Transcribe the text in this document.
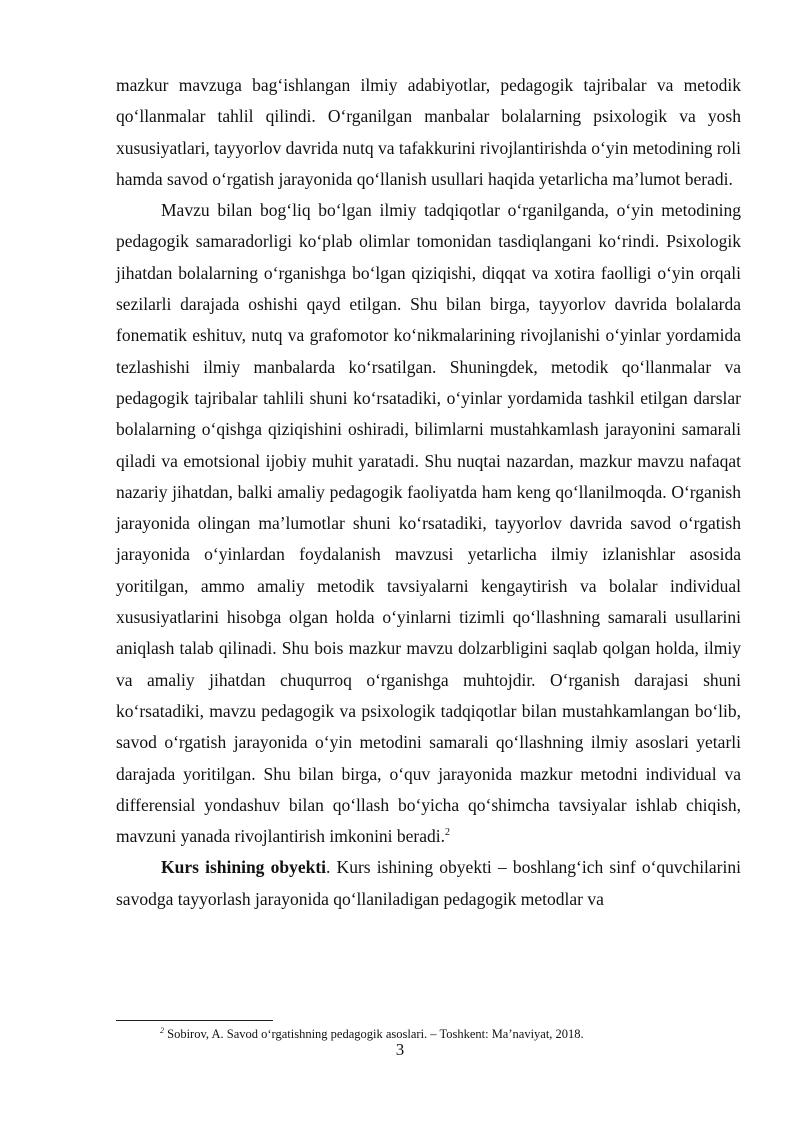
mazkur mavzuga bag‘ishlangan ilmiy adabiyotlar, pedagogik tajribalar va metodik qo‘llanmalar tahlil qilindi. O‘rganilgan manbalar bolalarning psixologik va yosh xususiyatlari, tayyorlov davrida nutq va tafakkurini rivojlantirishda o‘yin metodining roli hamda savod o‘rgatish jarayonida qo‘llanish usullari haqida yetarlicha ma’lumot beradi.

Mavzu bilan bog‘liq bo‘lgan ilmiy tadqiqotlar o‘rganilganda, o‘yin metodining pedagogik samaradorligi ko‘plab olimlar tomonidan tasdiqlangani ko‘rindi. Psixologik jihatdan bolalarning o‘rganishga bo‘lgan qiziqishi, diqqat va xotira faolligi o‘yin orqali sezilarli darajada oshishi qayd etilgan. Shu bilan birga, tayyorlov davrida bolalarda fonematik eshituv, nutq va grafomotor ko‘nikmalarining rivojlanishi o‘yinlar yordamida tezlashishi ilmiy manbalarda ko‘rsatilgan. Shuningdek, metodik qo‘llanmalar va pedagogik tajribalar tahlili shuni ko‘rsatadiki, o‘yinlar yordamida tashkil etilgan darslar bolalarning o‘qishga qiziqishini oshiradi, bilimlarni mustahkamlash jarayonini samarali qiladi va emotsional ijobiy muhit yaratadi. Shu nuqtai nazardan, mazkur mavzu nafaqat nazariy jihatdan, balki amaliy pedagogik faoliyatda ham keng qo‘llanilmoqda. O‘rganish jarayonida olingan ma’lumotlar shuni ko‘rsatadiki, tayyorlov davrida savod o‘rgatish jarayonida o‘yinlardan foydalanish mavzusi yetarlicha ilmiy izlanishlar asosida yoritilgan, ammo amaliy metodik tavsiyalarni kengaytirish va bolalar individual xususiyatlarini hisobga olgan holda o‘yinlarni tizimli qo‘llashning samarali usullarini aniqlash talab qilinadi. Shu bois mazkur mavzu dolzarbligini saqlab qolgan holda, ilmiy va amaliy jihatdan chuqurroq o‘rganishga muhtojdir. O‘rganish darajasi shuni ko‘rsatadiki, mavzu pedagogik va psixologik tadqiqotlar bilan mustahkamlangan bo‘lib, savod o‘rgatish jarayonida o‘yin metodini samarali qo‘llashning ilmiy asoslari yetarli darajada yoritilgan. Shu bilan birga, o‘quv jarayonida mazkur metodni individual va differensial yondashuv bilan qo‘llash bo‘yicha qo‘shimcha tavsiyalar ishlab chiqish, mavzuni yanada rivojlantirish imkonini beradi.$^2$

Kurs ishining obyekti. Kurs ishining obyekti – boshlang‘ich sinf o‘quvchilarini savodga tayyorlash jarayonida qo‘llaniladigan pedagogik metodlar va

$^2$ Sobirov, A. Savod o‘rgatishning pedagogik asoslari. – Toshkent: Ma’naviyat, 2018.
3
